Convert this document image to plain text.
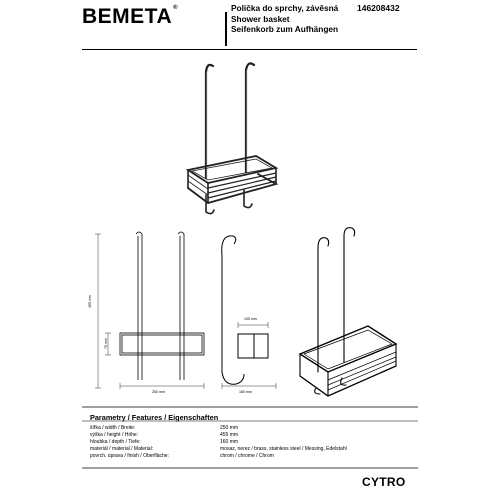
BEMETA®	Polička do sprchy, závěsná
Shower basket
Seifenkorb zum Aufhängen
146208432
455 mm
70 mm
250 mm	160 mm
105 mm
Parametry / Features / Eigenschaften
šířka / width / Breite:	250 mm
výška / height / Höhe:	455 mm
hloubka / depth / Tiefe:	160 mm
materiál / material / Material:	mosaz, nerez / brass, stainless steel / Messing, Edelstahl
povrch. úprava / finish / Oberfläche:	chrom / chrome / Chrom
CYTRO
